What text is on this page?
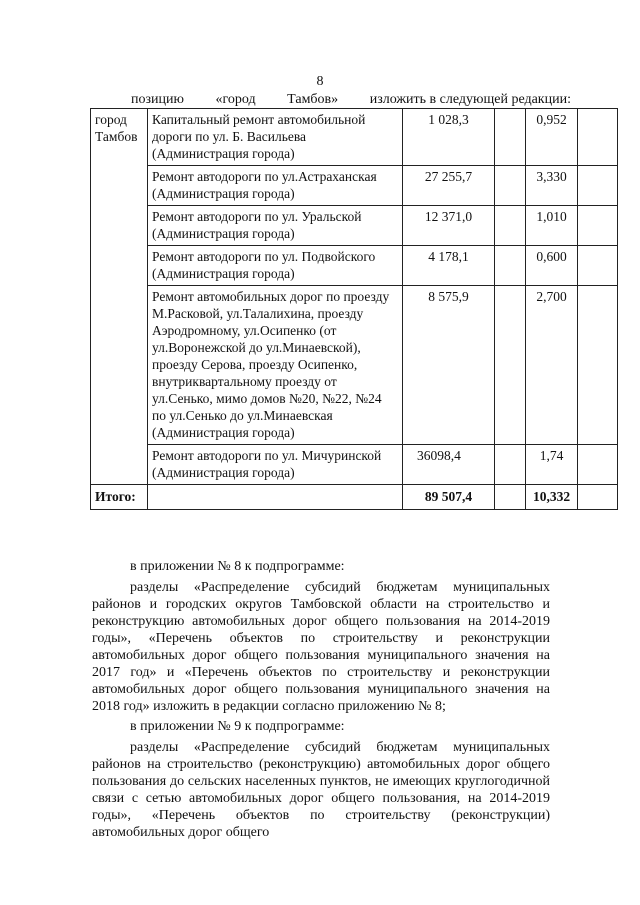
8
позицию «город Тамбов» изложить в следующей редакции:
город Тамбов	Капитальный ремонт автомобильной дороги по ул. Б. Васильева (Администрация города)	1 028,3		0,952	
	Ремонт автодороги по ул.Астраханская (Администрация города)	27 255,7		3,330	
	Ремонт автодороги по ул. Уральской (Администрация города)	12 371,0		1,010	
	Ремонт автодороги по ул. Подвойского (Администрация города)	4 178,1		0,600	
	Ремонт автомобильных дорог по проезду М.Расковой, ул.Талалихина, проезду Аэродромному, ул.Осипенко (от ул.Воронежской до ул.Минаевской), проезду Серова, проезду Осипенко, внутриквартальному проезду от ул.Сенько, мимо домов №20, №22, №24 по ул.Сенько до ул.Минаевская (Администрация города)	8 575,9		2,700	
	Ремонт автодороги по ул. Мичуринской (Администрация города)	36098,4		1,74	
Итого:		89 507,4		10,332	

в приложении № 8 к подпрограмме:

разделы «Распределение субсидий бюджетам муниципальных районов и городских округов Тамбовской области на строительство и реконструкцию автомобильных дорог общего пользования на 2014-2019 годы», «Перечень объектов по строительству и реконструкции автомобильных дорог общего пользования муниципального значения на 2017 год» и «Перечень объектов по строительству и реконструкции автомобильных дорог общего пользования муниципального значения на 2018 год» изложить в редакции согласно приложению № 8;

в приложении № 9 к подпрограмме:

разделы «Распределение субсидий бюджетам муниципальных районов на строительство (реконструкцию) автомобильных дорог общего пользования до сельских населенных пунктов, не имеющих круглогодичной связи с сетью автомобильных дорог общего пользования, на 2014-2019 годы», «Перечень объектов по строительству (реконструкции) автомобильных дорог общего
